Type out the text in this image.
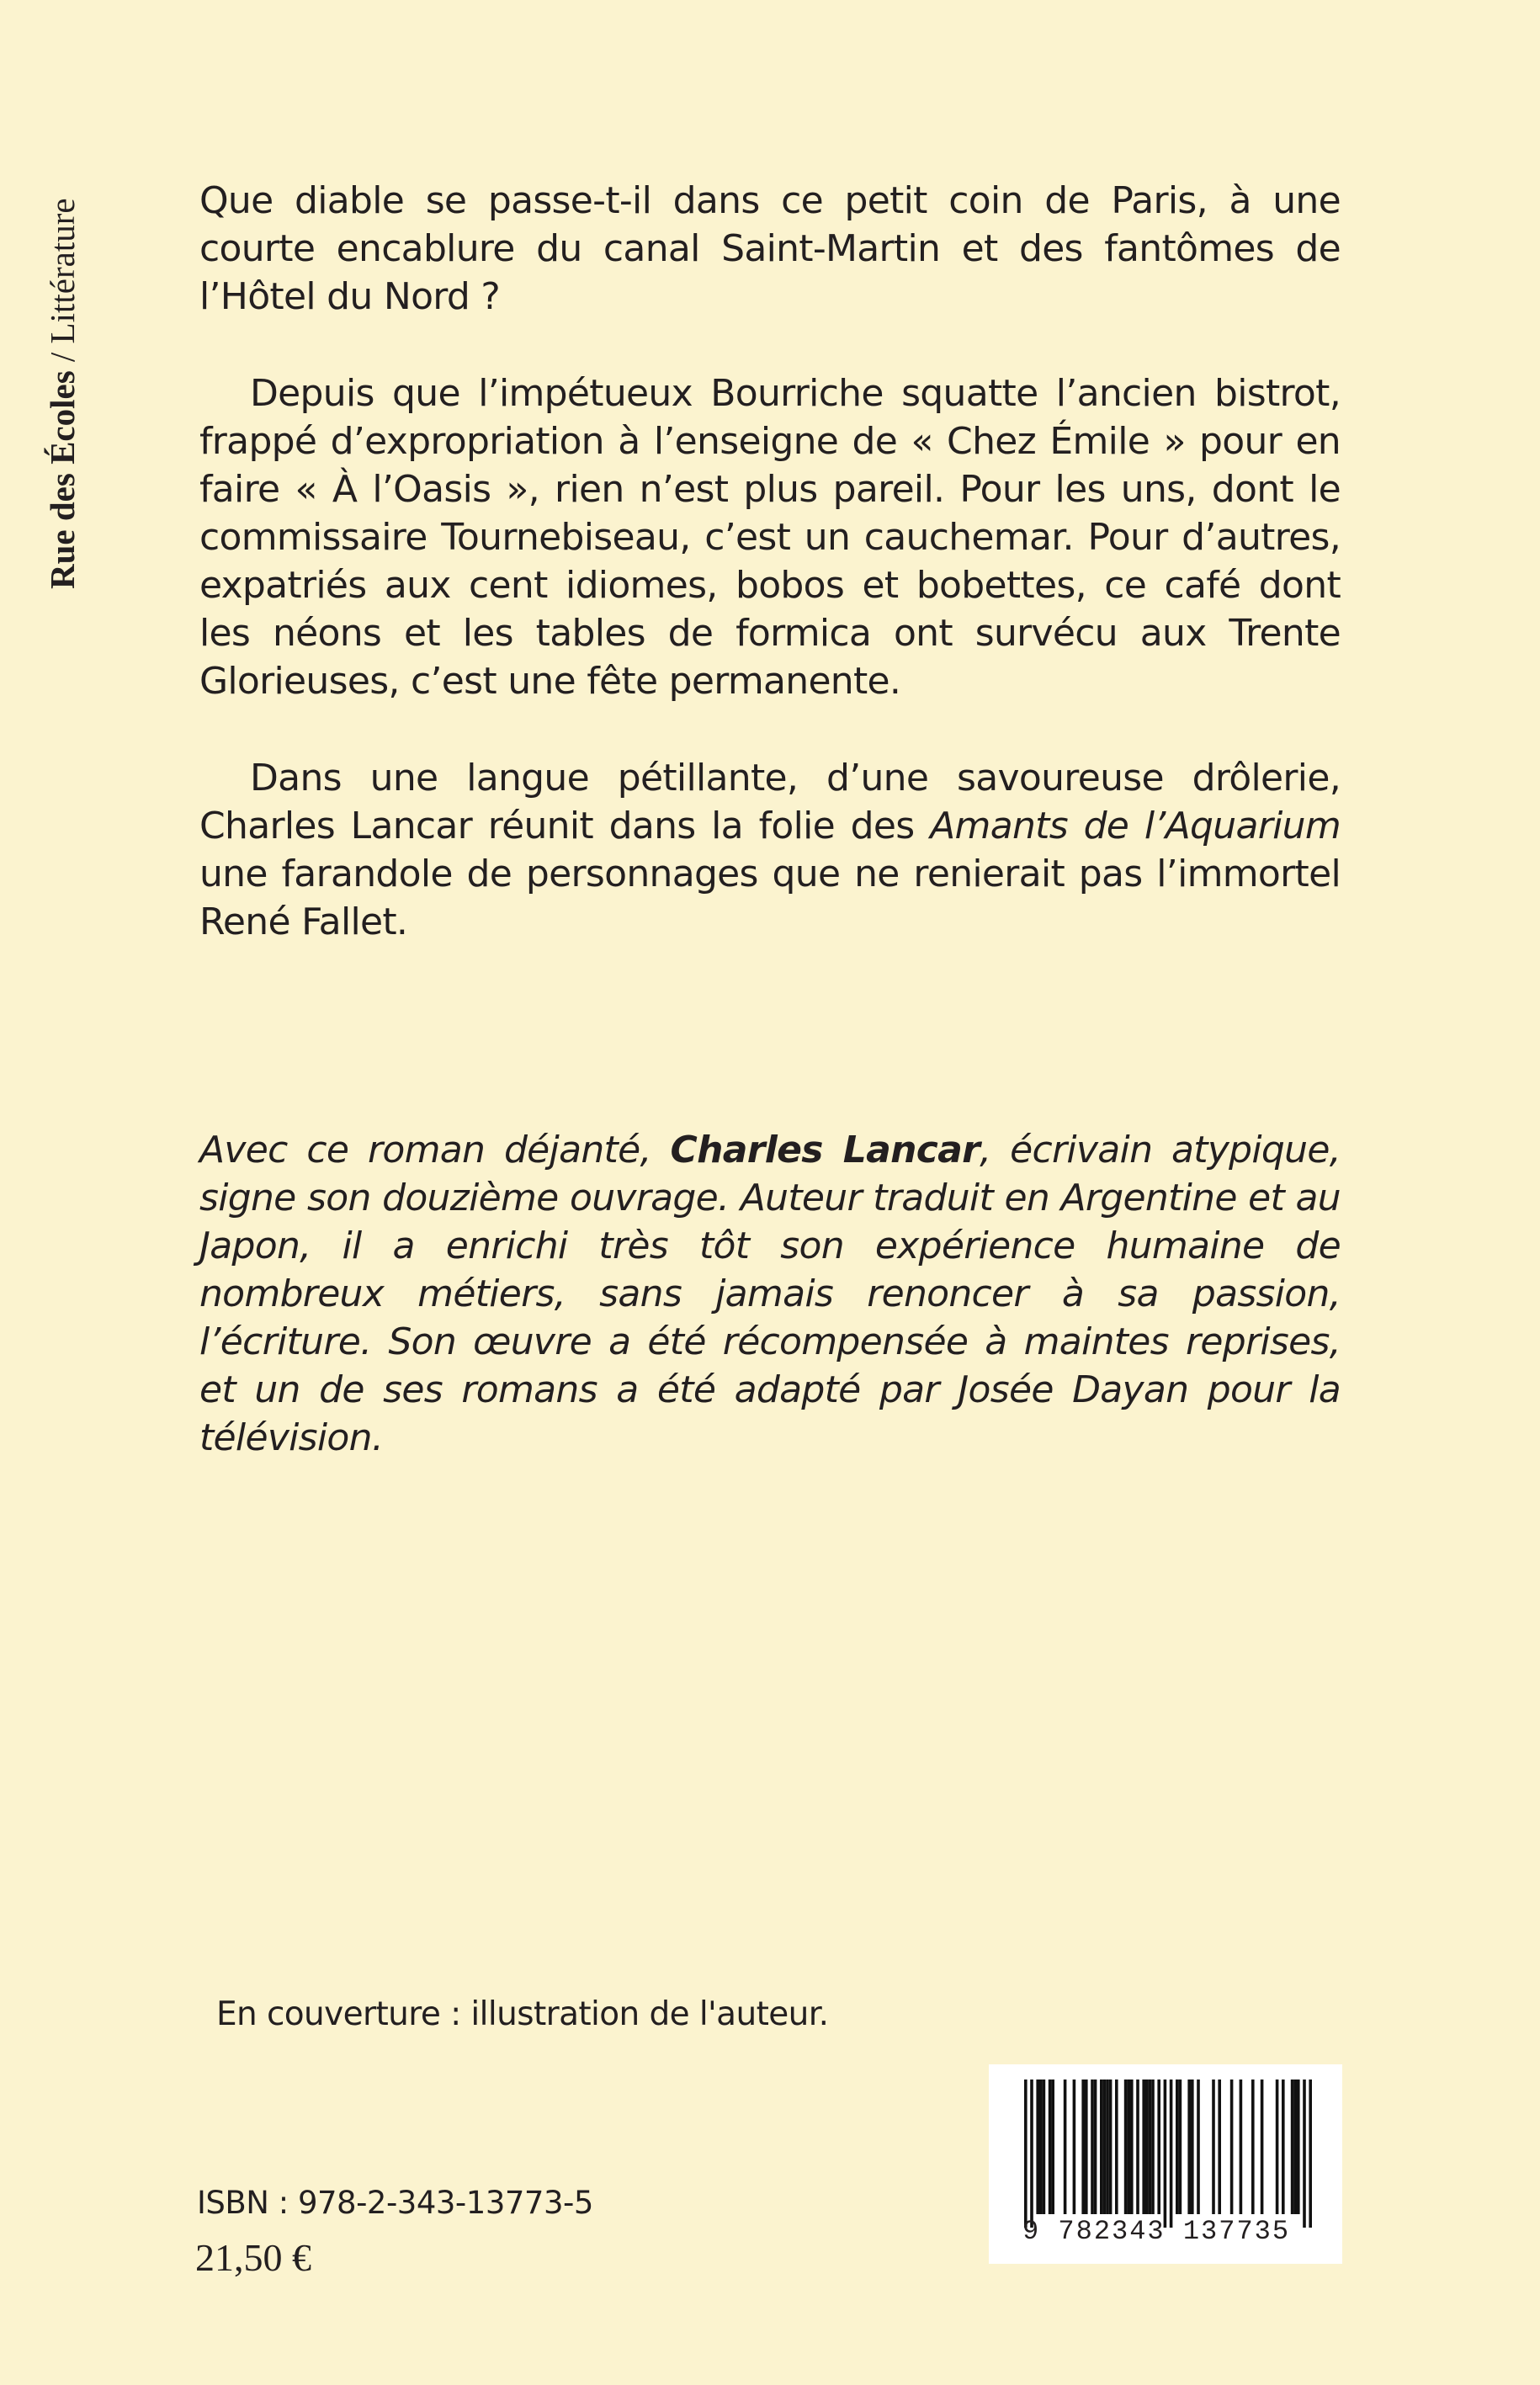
Rue des Écoles / Littérature	Que diable se passe-t-il dans ce petit coin de Paris, à une courte encablure du canal Saint-Martin et des fantômes de l’Hôtel du Nord ?

Depuis que l’impétueux Bourriche squatte l’ancien bistrot, frappé d’expropriation à l’enseigne de « Chez Émile » pour en faire « À l’Oasis », rien n’est plus pareil. Pour les uns, dont le commissaire Tournebiseau, c’est un cauchemar. Pour d’autres, expatriés aux cent idiomes, bobos et bobettes, ce café dont les néons et les tables de formica ont survécu aux Trente Glorieuses, c’est une fête permanente.

Dans une langue pétillante, d’une savoureuse drôlerie, Charles Lancar réunit dans la folie des Amants de l’Aquarium une farandole de personnages que ne renierait pas l’immortel René Fallet.

Avec ce roman déjanté, Charles Lancar, écrivain atypique, signe son douzième ouvrage. Auteur traduit en Argentine et au Japon, il a enrichi très tôt son expérience humaine de nombreux métiers, sans jamais renoncer à sa passion, l’écriture. Son œuvre a été récompensée à maintes reprises, et un de ses romans a été adapté par Josée Dayan pour la télévision.

En couverture : illustration de l'auteur.
ISBN : 978-2-343-13773-5
21,50 €
9 782343 137735
